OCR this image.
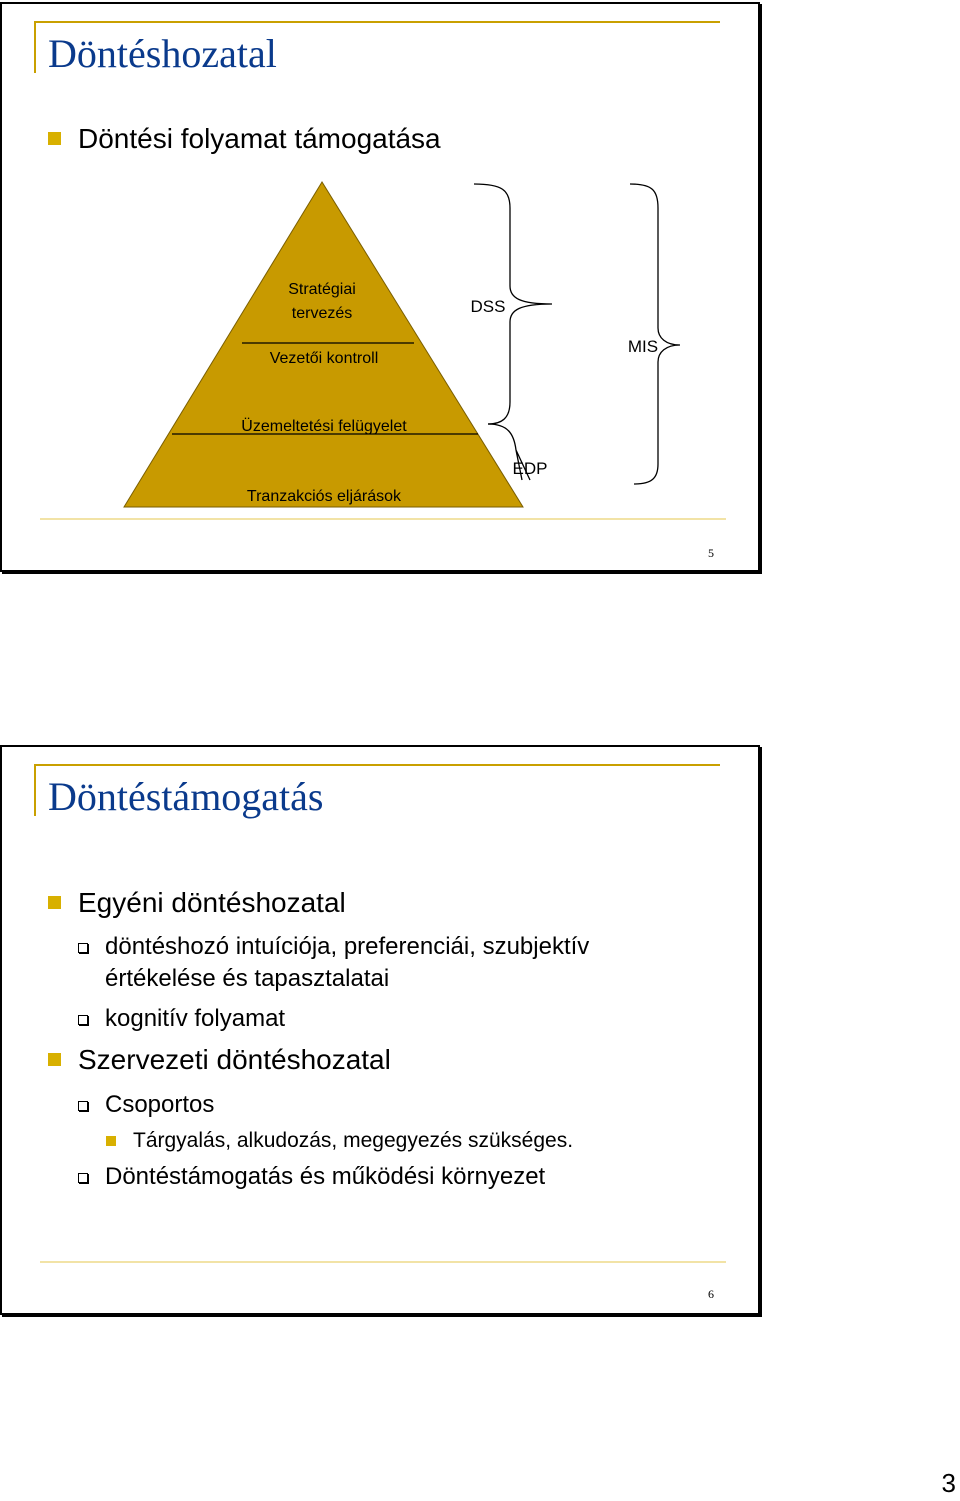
Döntéshozatal
Döntési folyamat támogatása
Stratégiai
tervezés
Vezetői kontroll
Üzemeltetési felügyelet
Tranzakciós eljárások
DSS
MIS
EDP
5
Döntéstámogatás
Egyéni döntéshozatal
döntéshozó intuíciója, preferenciái, szubjektív
értékelése és tapasztalatai
kognitív folyamat
Szervezeti döntéshozatal
Csoportos
Tárgyalás, alkudozás, megegyezés szükséges.
Döntéstámogatás és működési környezet
6
3
